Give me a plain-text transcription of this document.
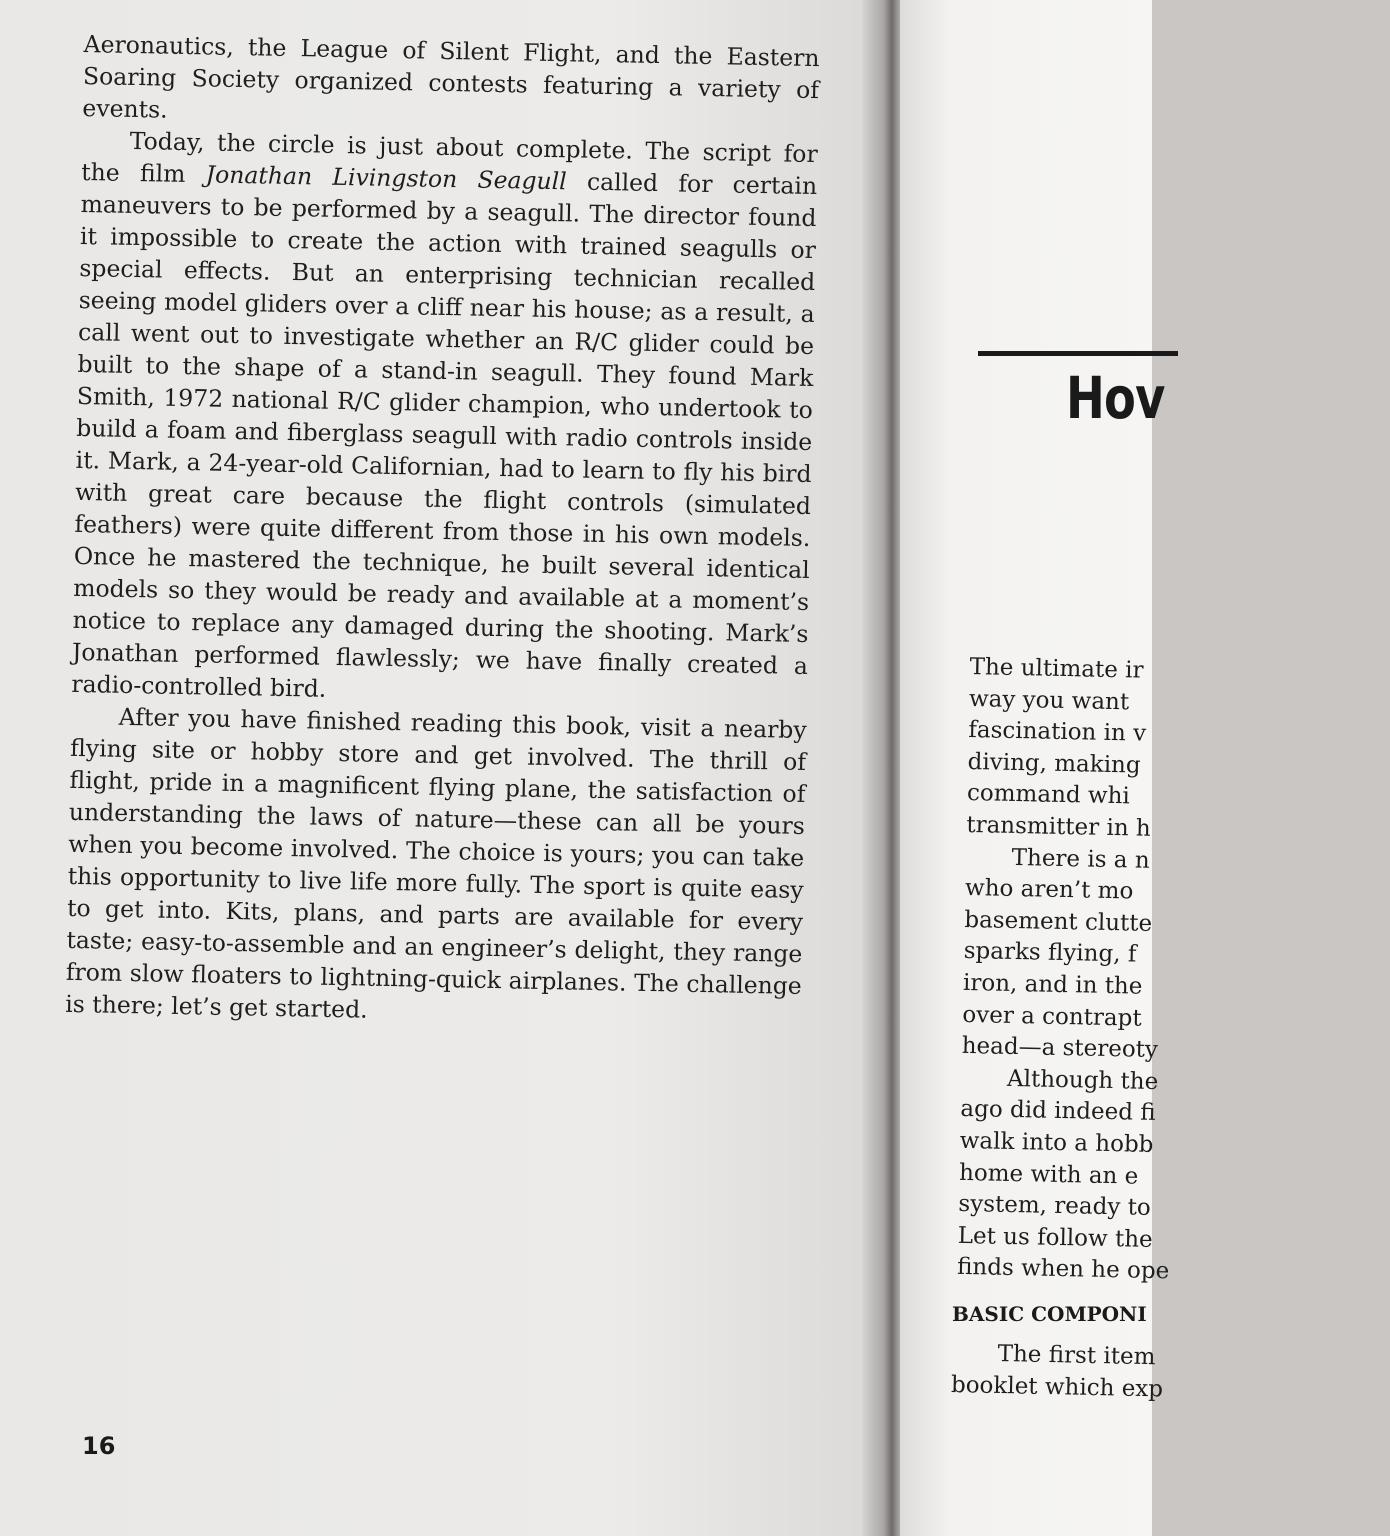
Aeronautics, the League of Silent Flight, and the Eastern Soaring Society organized contests featuring a variety of events.

Today, the circle is just about complete. The script for the film Jonathan Livingston Seagull called for certain maneuvers to be performed by a seagull. The director found it impossible to create the action with trained seagulls or special effects. But an enterprising technician recalled seeing model gliders over a cliff near his house; as a result, a call went out to investigate whether an R/C glider could be built to the shape of a stand-in seagull. They found Mark Smith, 1972 national R/C glider champion, who undertook to build a foam and fiberglass seagull with radio controls inside it. Mark, a 24-year-old Californian, had to learn to fly his bird with great care because the flight controls (simulated feathers) were quite different from those in his own models. Once he mastered the technique, he built several identical models so they would be ready and available at a moment’s notice to replace any damaged during the shooting. Mark’s Jonathan performed flawlessly; we have finally created a radio-controlled bird.

After you have finished reading this book, visit a nearby flying site or hobby store and get involved. The thrill of flight, pride in a magnificent flying plane, the satisfaction of understanding the laws of nature—these can all be yours when you become involved. The choice is yours; you can take this opportunity to live life more fully. The sport is quite easy to get into. Kits, plans, and parts are available for every taste; easy-to-assemble and an engineer’s delight, they range from slow floaters to lightning-quick airplanes. The challenge is there; let’s get started.

16
Hov
The ultimate ir
way you want
fascination in v
diving, making
command whi
transmitter in h
There is a n
who aren’t mo
basement clutte
sparks flying, f
iron, and in the
over a contrapt
head—a stereoty
Although the
ago did indeed fi
walk into a hobb
home with an e
system, ready to
Let us follow the
finds when he ope
BASIC COMPONI
The first item
booklet which exp
